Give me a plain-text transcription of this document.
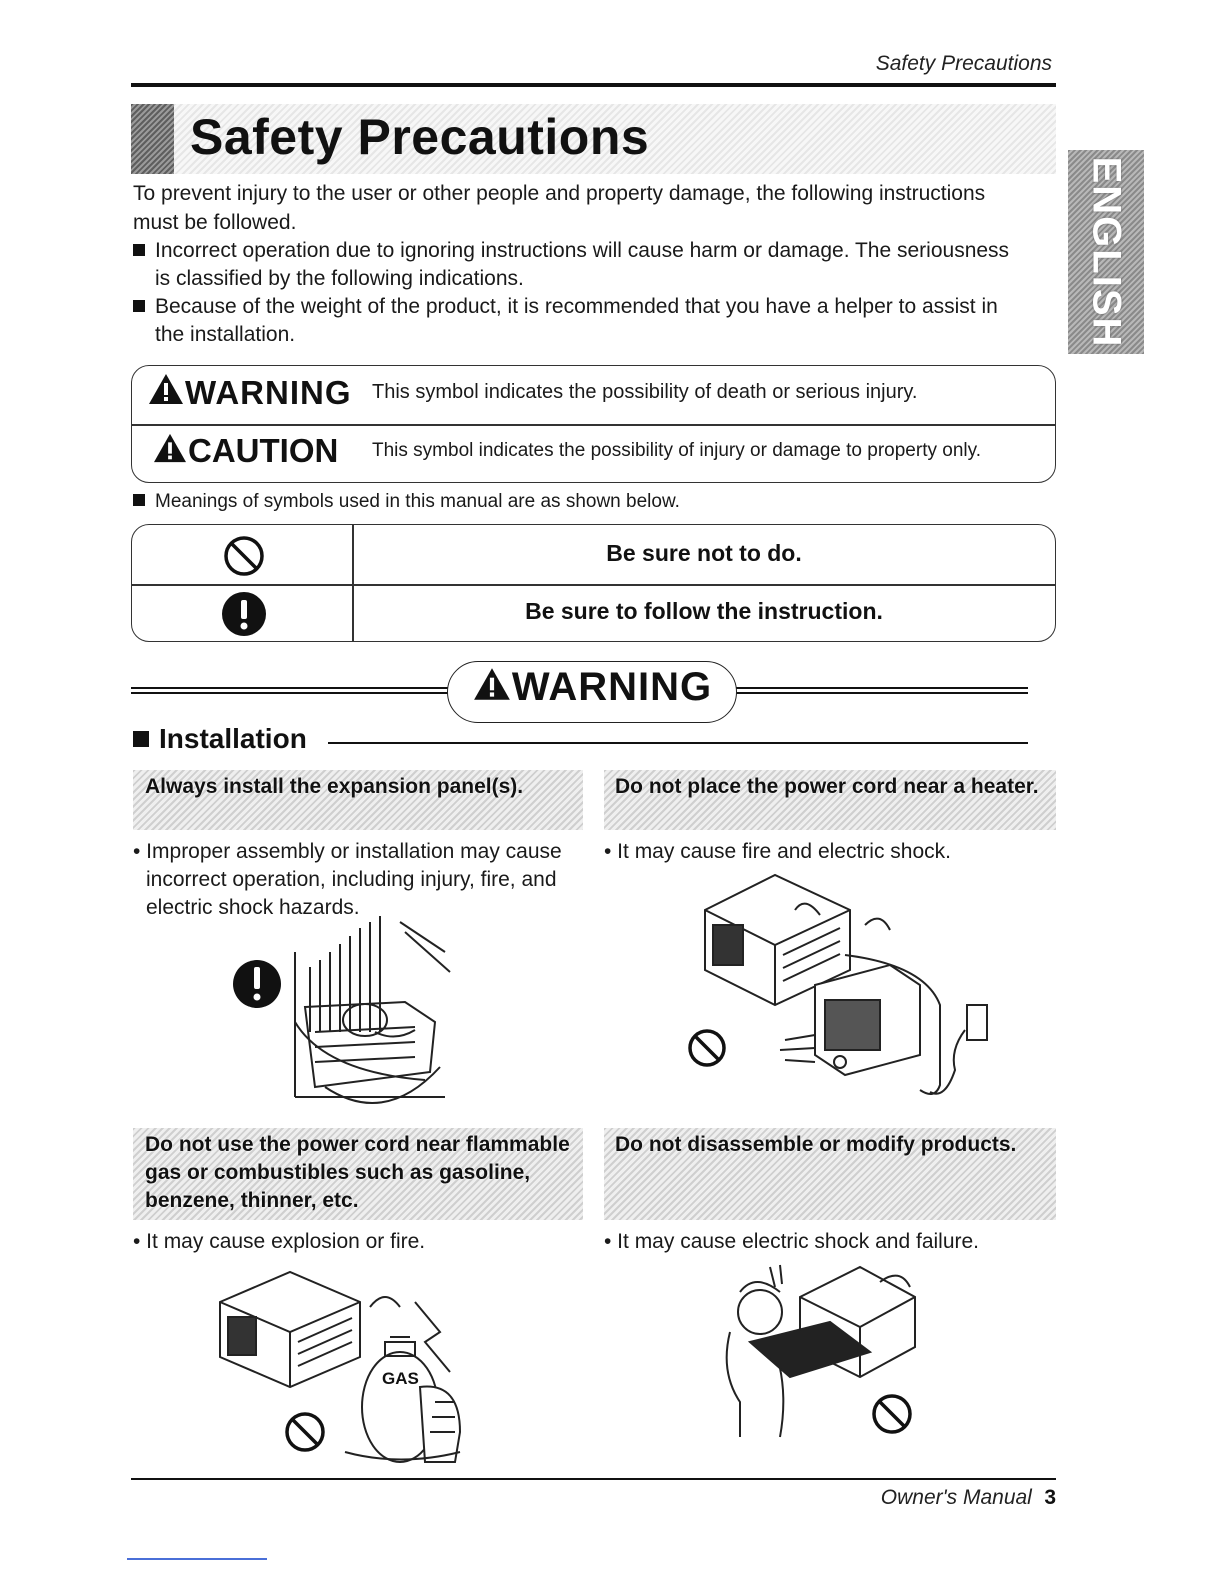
Safety Precautions
ENGLISH
Safety Precautions
To prevent injury to the user or other people and property damage, the following instructions
must be followed.
Incorrect operation due to ignoring instructions will cause harm or damage. The seriousness
is classified by the following indications.
Because of the weight of the product, it is recommended that you have a helper to assist in
the installation.
WARNING This symbol indicates the possibility of death or serious injury.
CAUTION This symbol indicates the possibility of injury or damage to property only.
Meanings of symbols used in this manual are as shown below.
Be sure not to do.
Be sure to follow the instruction.
WARNING
Installation
Always install the expansion panel(s).
• Improper assembly or installation may cause
incorrect operation, including injury, fire, and
electric shock hazards.
Do not place the power cord near a heater.
• It may cause fire and electric shock.
Do not use the power cord near flammable
gas or combustibles such as gasoline,
benzene, thinner, etc.
• It may cause explosion or fire.
GAS
Do not disassemble or modify products.
• It may cause electric shock and failure.
Owner's Manual 3
